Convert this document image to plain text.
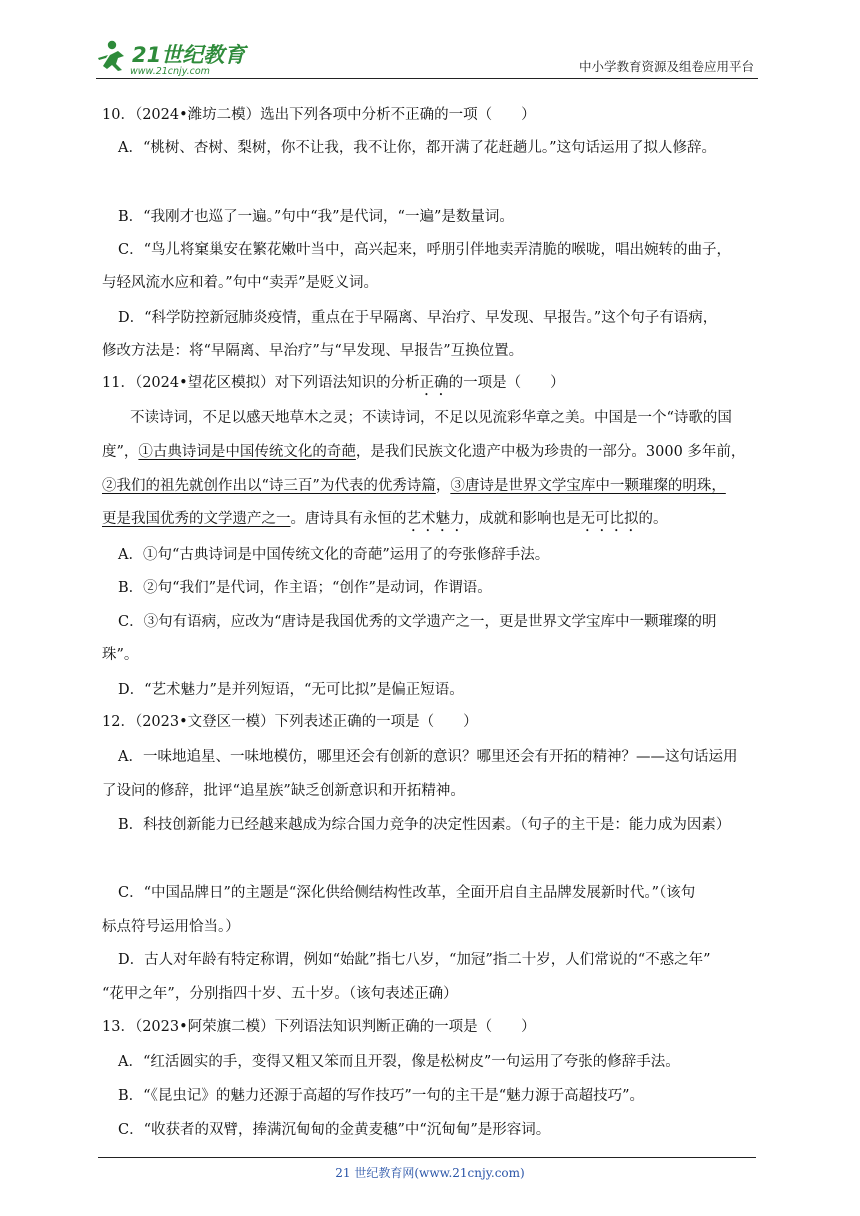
21世纪教育
www.21cnjy.com	中小学教育资源及组卷应用平台
10．（2024•潍坊二模）选出下列各项中分析不正确的一项（　　）
A．“桃树、杏树、梨树，你不让我，我不让你，都开满了花赶趟儿。”这句话运用了拟人修辞。
B．“我刚才也巡了一遍。”句中“我”是代词，“一遍”是数量词。
C．“鸟儿将窠巢安在繁花嫩叶当中，高兴起来，呼朋引伴地卖弄清脆的喉咙，唱出婉转的曲子，
与轻风流水应和着。”句中“卖弄”是贬义词。
D．“科学防控新冠肺炎疫情，重点在于早隔离、早治疗、早发现、早报告。”这个句子有语病，
修改方法是：将“早隔离、早治疗”与“早发现、早报告”互换位置。
11．（2024•望花区模拟）对下列语法知识的分析正确的一项是（　　）
不读诗词，不足以感天地草木之灵；不读诗词，不足以见流彩华章之美。中国是一个“诗歌的国
度”，①古典诗词是中国传统文化的奇葩，是我们民族文化遗产中极为珍贵的一部分。3000 多年前，
②我们的祖先就创作出以“诗三百”为代表的优秀诗篇，③唐诗是世界文学宝库中一颗璀璨的明珠，
更是我国优秀的文学遗产之一。唐诗具有永恒的艺术魅力，成就和影响也是无可比拟的。
A．①句“古典诗词是中国传统文化的奇葩”运用了的夸张修辞手法。
B．②句“我们”是代词，作主语；“创作”是动词，作谓语。
C．③句有语病，应改为“唐诗是我国优秀的文学遗产之一，更是世界文学宝库中一颗璀璨的明
珠”。
D．“艺术魅力”是并列短语，“无可比拟”是偏正短语。
12．（2023•文登区一模）下列表述正确的一项是（　　）
A．一味地追星、一味地模仿，哪里还会有创新的意识？哪里还会有开拓的精神？——这句话运用
了设问的修辞，批评“追星族”缺乏创新意识和开拓精神。
B．科技创新能力已经越来越成为综合国力竞争的决定性因素。（句子的主干是：能力成为因素）
C．“中国品牌日”的主题是“深化供给侧结构性改革，全面开启自主品牌发展新时代。”（该句
标点符号运用恰当。）
D．古人对年龄有特定称谓，例如“始龀”指七八岁，“加冠”指二十岁，人们常说的“不惑之年”
“花甲之年”，分别指四十岁、五十岁。（该句表述正确）
13．（2023•阿荣旗二模）下列语法知识判断正确的一项是（　　）
A．“红活圆实的手，变得又粗又笨而且开裂，像是松树皮”一句运用了夸张的修辞手法。
B．“《昆虫记》的魅力还源于高超的写作技巧”一句的主干是“魅力源于高超技巧”。
C．“收获者的双臂，捧满沉甸甸的金黄麦穗”中“沉甸甸”是形容词。
21 世纪教育网(www.21cnjy.com)
